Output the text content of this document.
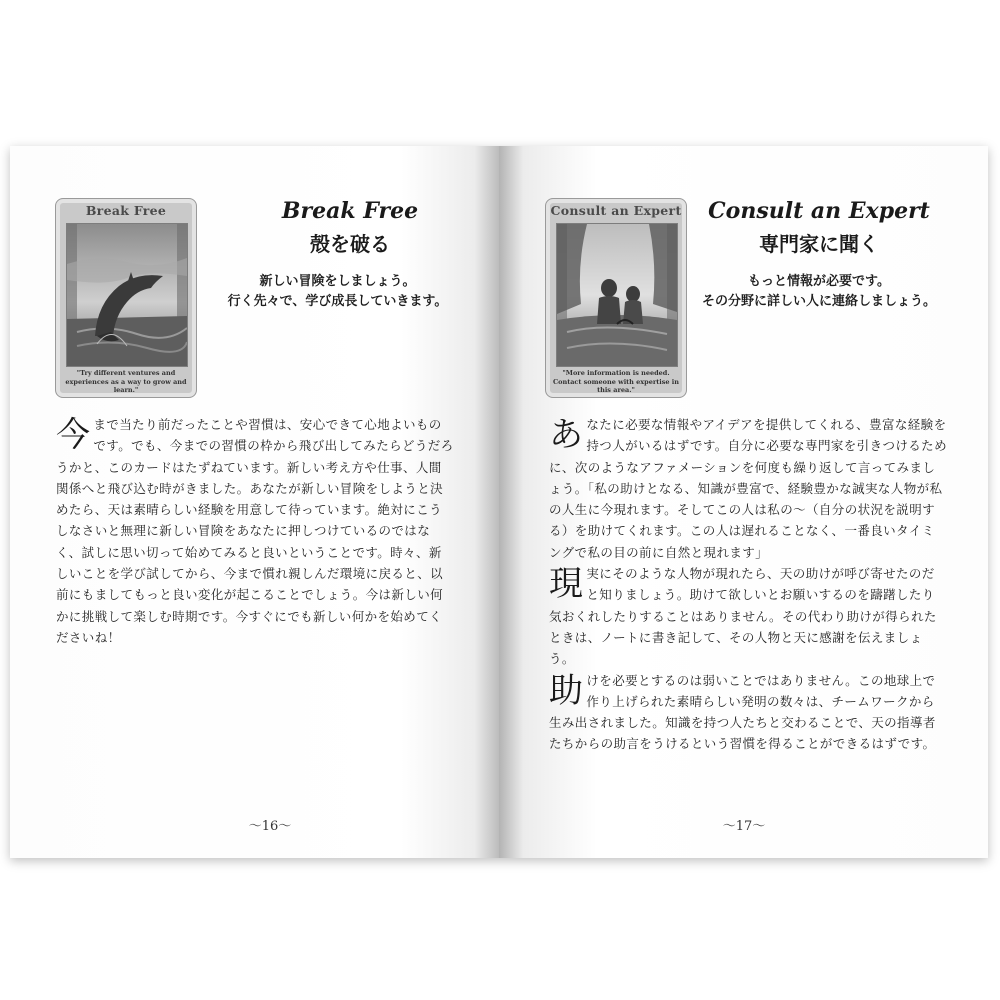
Break Free
"Try different ventures and experiences as a way to grow and learn."
Break Free
殻を破る
新しい冒険をしましょう。
行く先々で、学び成長していきます。

今まで当たり前だったことや習慣は、安心できて心地よいものです。でも、今までの習慣の枠から飛び出してみたらどうだろうかと、このカードはたずねています。新しい考え方や仕事、人間関係へと飛び込む時がきました。あなたが新しい冒険をしようと決めたら、天は素晴らしい経験を用意して待っています。絶対にこうしなさいと無理に新しい冒険をあなたに押しつけているのではなく、試しに思い切って始めてみると良いということです。時々、新しいことを学び試してから、今まで慣れ親しんだ環境に戻ると、以前にもましてもっと良い変化が起こることでしょう。今は新しい何かに挑戦して楽しむ時期です。今すぐにでも新しい何かを始めてくださいね！

～16～
Consult an Expert
"More information is needed. Contact someone with expertise in this area."
Consult an Expert
専門家に聞く
もっと情報が必要です。
その分野に詳しい人に連絡しましょう。

あなたに必要な情報やアイデアを提供してくれる、豊富な経験を持つ人がいるはずです。自分に必要な専門家を引きつけるために、次のようなアファメーションを何度も繰り返して言ってみましょう。「私の助けとなる、知識が豊富で、経験豊かな誠実な人物が私の人生に今現れます。そしてこの人は私の～（自分の状況を説明する）を助けてくれます。この人は遅れることなく、一番良いタイミングで私の目の前に自然と現れます」

現実にそのような人物が現れたら、天の助けが呼び寄せたのだと知りましょう。助けて欲しいとお願いするのを躊躇したり気おくれしたりすることはありません。その代わり助けが得られたときは、ノートに書き記して、その人物と天に感謝を伝えましょう。

助けを必要とするのは弱いことではありません。この地球上で作り上げられた素晴らしい発明の数々は、チームワークから生み出されました。知識を持つ人たちと交わることで、天の指導者たちからの助言をうけるという習慣を得ることができるはずです。

～17～
